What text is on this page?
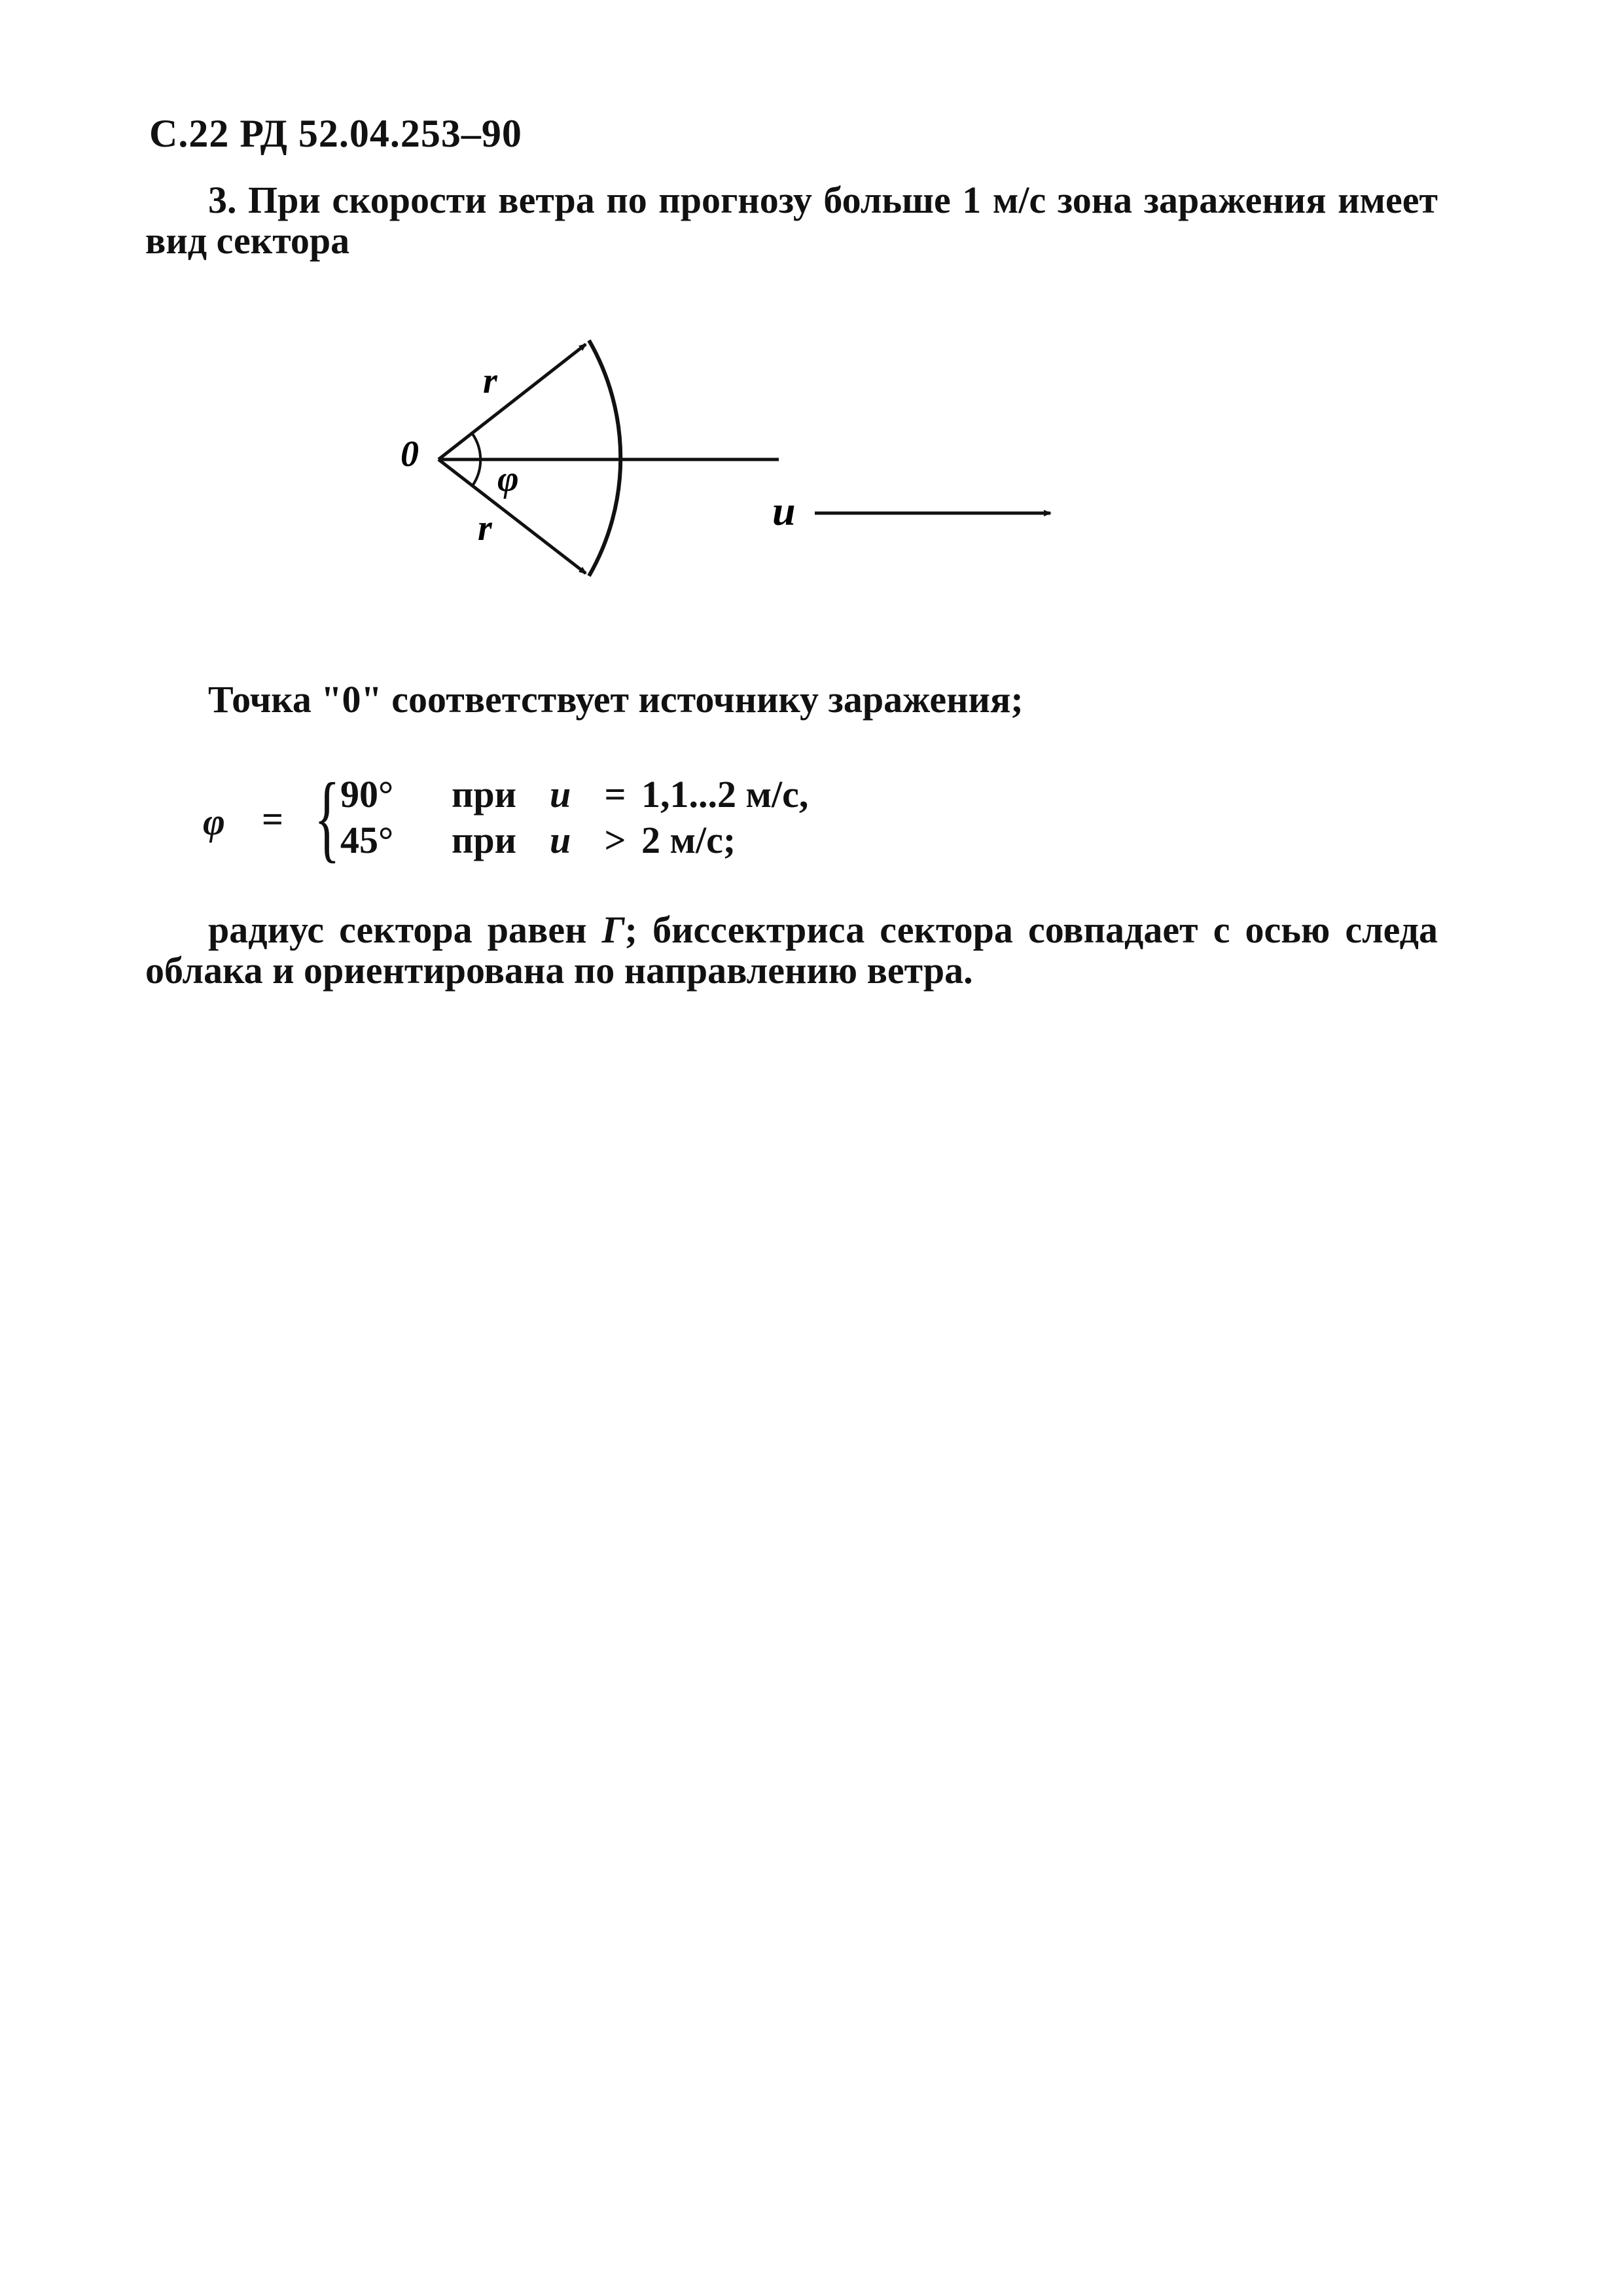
С.22 РД 52.04.253–90
3. При скорости ветра по прогнозу больше 1 м/с зона заражения имеет вид сектора
0
φ
r
r	u
Точка "0" соответствует источнику заражения;
φ = { 90° при u = 1,1...2 м/с,
45° при u > 2 м/с;
радиус сектора равен Г; биссектриса сектора совпадает с осью следа облака и ориентирована по направлению ветра.
